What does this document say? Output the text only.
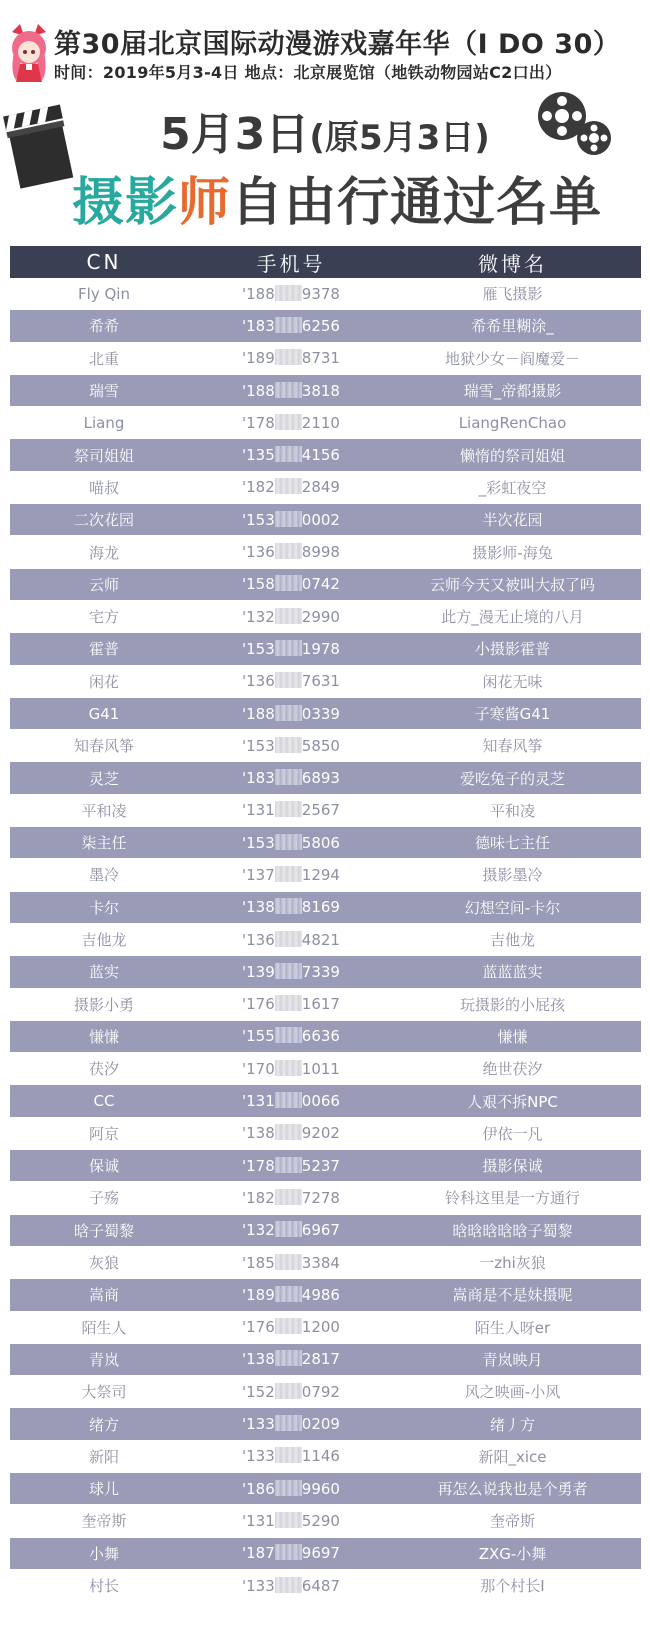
第30届北京国际动漫游戏嘉年华（I DO 30）
时间：2019年5月3-4日 地点：北京展览馆（地铁动物园站C2口出）
5月3日(原5月3日)
摄影师自由行通过名单
CN	手机号	微博名
Fly Qin	'188 9378	雁飞摄影
希希	'183 6256	希希里糊涂_
北重	'189 8731	地狱少女－阎魔爱－
瑞雪	'188 3818	瑞雪_帝都摄影
Liang	'178 2110	LiangRenChao
祭司姐姐	'135 4156	懒惰的祭司姐姐
喵叔	'182 2849	_彩虹夜空
二次花园	'153 0002	半次花园
海龙	'136 8998	摄影师-海兔
云师	'158 0742	云师今天又被叫大叔了吗
宅方	'132 2990	此方_漫无止境的八月
霍普	'153 1978	小摄影霍普
闲花	'136 7631	闲花无味
G41	'188 0339	子寒酱G41
知春风筝	'153 5850	知春风筝
灵芝	'183 6893	爱吃兔子的灵芝
平和凌	'131 2567	平和凌
柒主任	'153 5806	德味七主任
墨冷	'137 1294	摄影墨冷
卡尔	'138 8169	幻想空间-卡尔
吉他龙	'136 4821	吉他龙
蓝实	'139 7339	蓝蓝蓝实
摄影小勇	'176 1617	玩摄影的小屁孩
慊慊	'155 6636	慊慊
茯汐	'170 1011	绝世茯汐
CC	'131 0066	人艰不拆NPC
阿京	'138 9202	伊依一凡
保诚	'178 5237	摄影保诚
子殇	'182 7278	铃科这里是一方通行
晗子蜀黎	'132 6967	晗晗晗晗晗子蜀黎
灰狼	'185 3384	一zhi灰狼
嵩商	'189 4986	嵩商是不是妹摄呢
陌生人	'176 1200	陌生人呀er
青岚	'138 2817	青岚映月
大祭司	'152 0792	风之映画-小风
绪方	'133 0209	绪丿方
新阳	'133 1146	新阳_xice
球儿	'186 9960	再怎么说我也是个勇者
奎帝斯	'131 5290	奎帝斯
小舞	'187 9697	ZXG-小舞
村长	'133 6487	那个村长I
